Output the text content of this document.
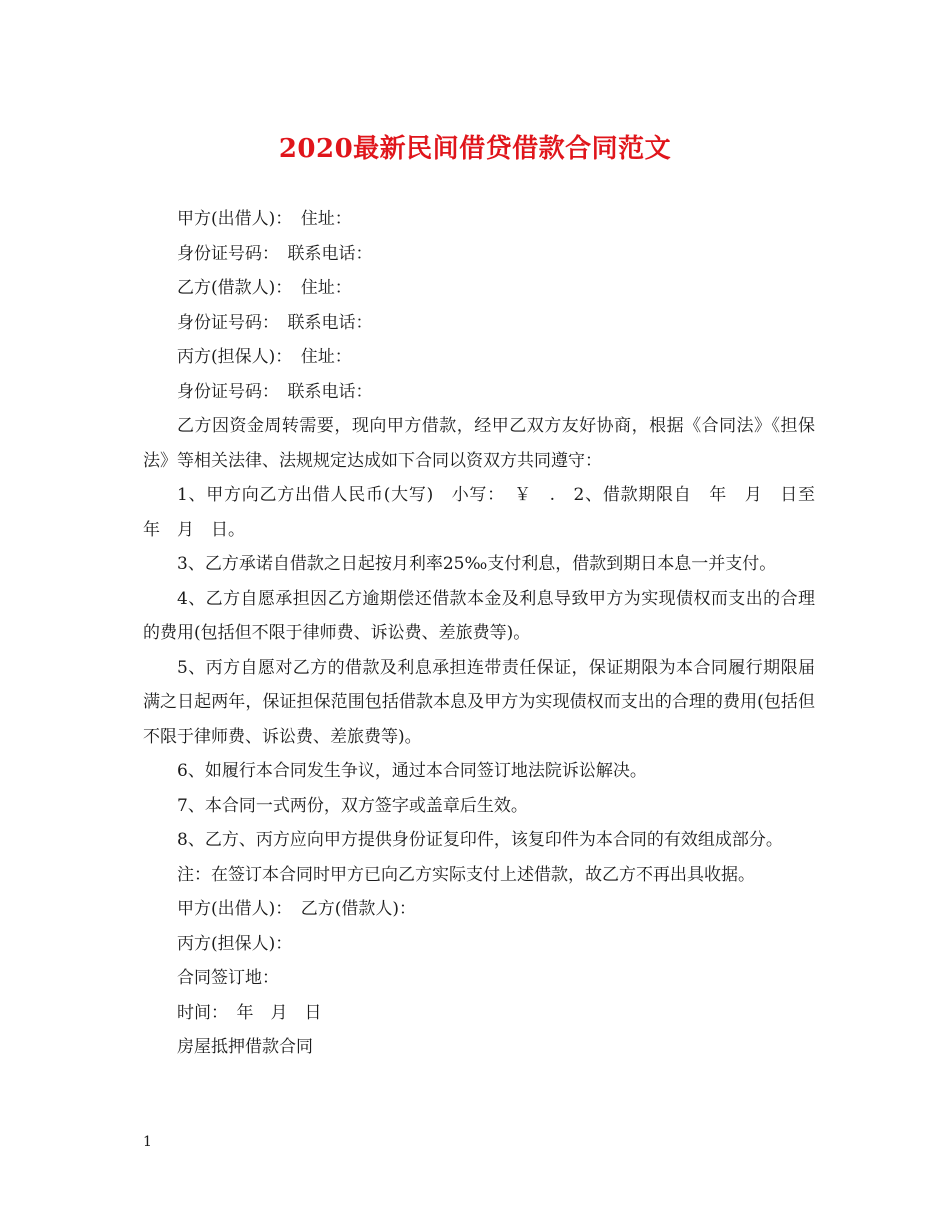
2020最新民间借贷借款合同范文

甲方(出借人)：　住址：

身份证号码：　联系电话：

乙方(借款人)：　住址：

身份证号码：　联系电话：

丙方(担保人)：　住址：

身份证号码：　联系电话：

乙方因资金周转需要，现向甲方借款，经甲乙双方友好协商，根据《合同法》《担保法》等相关法律、法规规定达成如下合同以资双方共同遵守：

1、甲方向乙方出借人民币(大写)　小写：　￥　.　2、借款期限自　年　月　日至　年　月　日。

3、乙方承诺自借款之日起按月利率25‰支付利息，借款到期日本息一并支付。

4、乙方自愿承担因乙方逾期偿还借款本金及利息导致甲方为实现债权而支出的合理的费用(包括但不限于律师费、诉讼费、差旅费等)。

5、丙方自愿对乙方的借款及利息承担连带责任保证，保证期限为本合同履行期限届满之日起两年，保证担保范围包括借款本息及甲方为实现债权而支出的合理的费用(包括但不限于律师费、诉讼费、差旅费等)。

6、如履行本合同发生争议，通过本合同签订地法院诉讼解决。

7、本合同一式两份，双方签字或盖章后生效。

8、乙方、丙方应向甲方提供身份证复印件，该复印件为本合同的有效组成部分。

注：在签订本合同时甲方已向乙方实际支付上述借款，故乙方不再出具收据。

甲方(出借人)：　乙方(借款人)：

丙方(担保人)：

合同签订地：

时间：　年　月　日

房屋抵押借款合同

1
